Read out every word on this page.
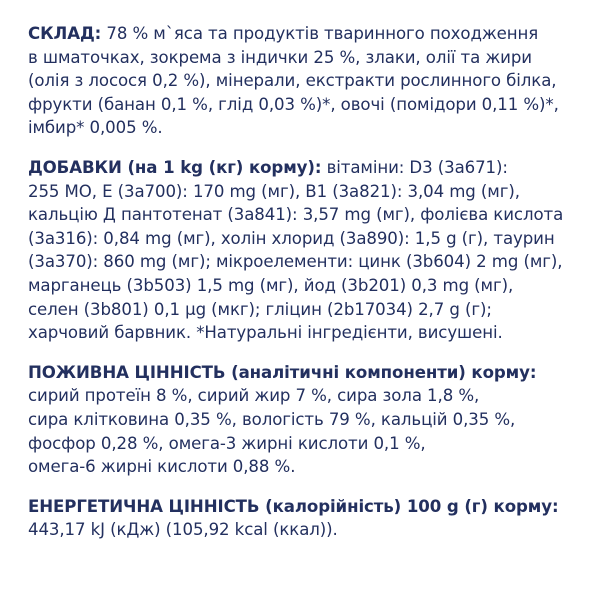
СКЛАД: 78 % м`яса та продуктів тваринного походження
в шматочках, зокрема з індички 25 %, злаки, олії та жири
(олія з лосося 0,2 %), мінерали, екстракти рослинного білка,
фрукти (банан 0,1 %, глід 0,03 %)*, овочі (помідори 0,11 %)*,
імбир* 0,005 %.
ДОБАВКИ (на 1 kg (кг) корму): вітаміни: D3 (3a671):
255 МО, Е (3a700): 170 mg (мг), B1 (3a821): 3,04 mg (мг),
кальцію Д пантотенат (3a841): 3,57 mg (мг), фолієва кислота
(3a316): 0,84 mg (мг), холін хлорид (3a890): 1,5 g (г), таурин
(3a370): 860 mg (мг); мікроелементи: цинк (3b604) 2 mg (мг),
марганець (3b503) 1,5 mg (мг), йод (3b201) 0,3 mg (мг),
селен (3b801) 0,1 µg (мкг); гліцин (2b17034) 2,7 g (г);
харчовий барвник. *Натуральні інгредієнти, висушені.
ПОЖИВНА ЦІННІСТЬ (аналітичні компоненти) корму:
сирий протеїн 8 %, сирий жир 7 %, сира зола 1,8 %,
сира клітковина 0,35 %, вологість 79 %, кальцій 0,35 %,
фосфор 0,28 %, омега-3 жирні кислоти 0,1 %,
омега-6 жирні кислоти 0,88 %.
ЕНЕРГЕТИЧНА ЦІННІСТЬ (калорійність) 100 g (г) корму:
443,17 kJ (кДж) (105,92 kcal (ккал)).
